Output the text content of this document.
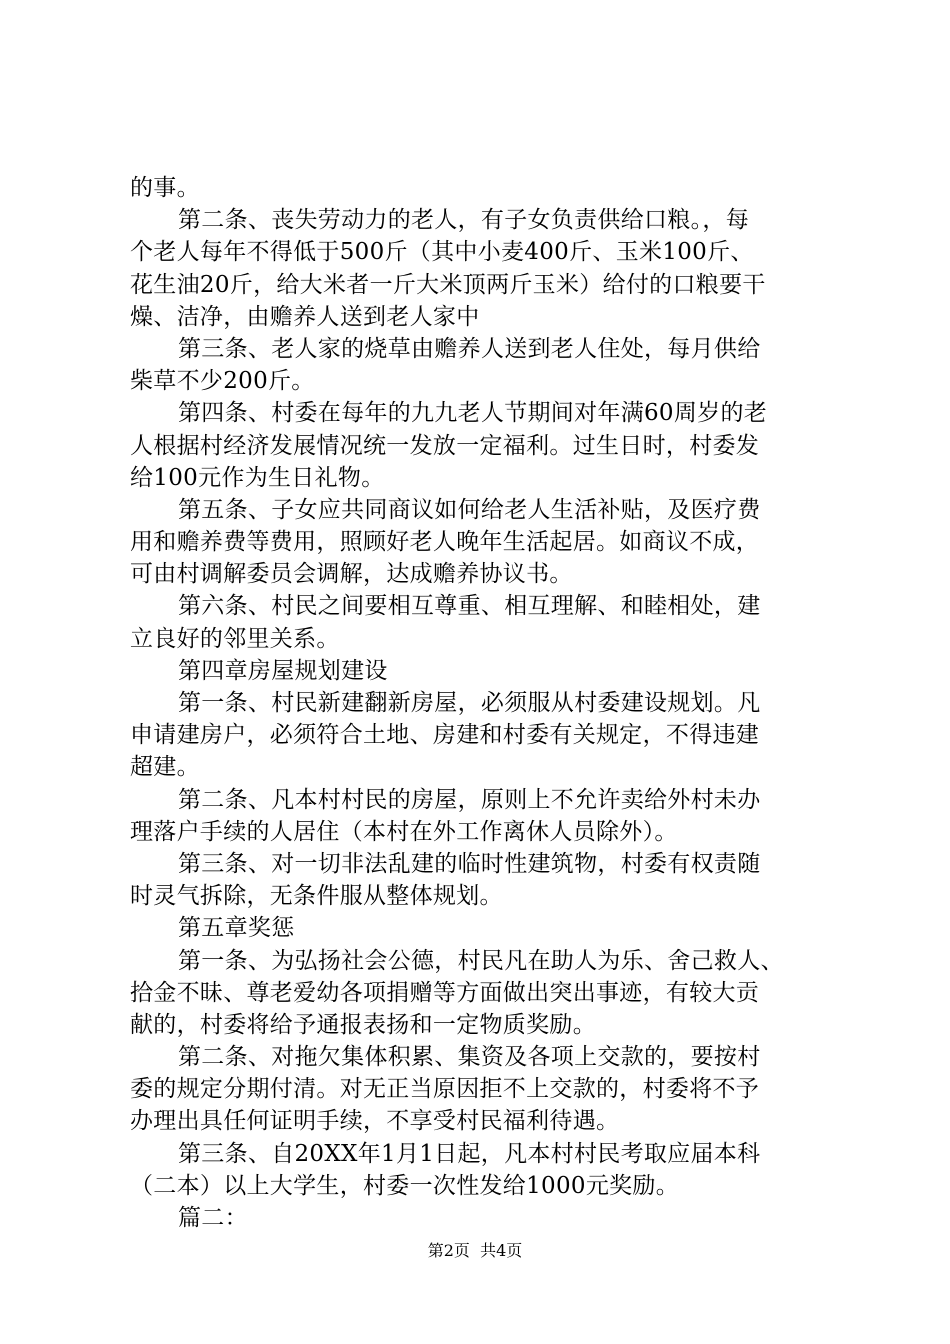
的事。
第二条、丧失劳动力的老人，有子女负责供给口粮。，每
个老人每年不得低于500斤（其中小麦400斤、玉米100斤、
花生油20斤，给大米者一斤大米顶两斤玉米）给付的口粮要干
燥、洁净，由赡养人送到老人家中
第三条、老人家的烧草由赡养人送到老人住处，每月供给
柴草不少200斤。
第四条、村委在每年的九九老人节期间对年满60周岁的老
人根据村经济发展情况统一发放一定福利。过生日时，村委发
给100元作为生日礼物。
第五条、子女应共同商议如何给老人生活补贴，及医疗费
用和赡养费等费用，照顾好老人晚年生活起居。如商议不成，
可由村调解委员会调解，达成赡养协议书。
第六条、村民之间要相互尊重、相互理解、和睦相处，建
立良好的邻里关系。
第四章房屋规划建设
第一条、村民新建翻新房屋，必须服从村委建设规划。凡
申请建房户，必须符合土地、房建和村委有关规定，不得违建
超建。
第二条、凡本村村民的房屋，原则上不允许卖给外村未办
理落户手续的人居住（本村在外工作离休人员除外）。
第三条、对一切非法乱建的临时性建筑物，村委有权责随
时灵气拆除，无条件服从整体规划。
第五章奖惩
第一条、为弘扬社会公德，村民凡在助人为乐、舍己救人、
拾金不昧、尊老爱幼各项捐赠等方面做出突出事迹，有较大贡
献的，村委将给予通报表扬和一定物质奖励。
第二条、对拖欠集体积累、集资及各项上交款的，要按村
委的规定分期付清。对无正当原因拒不上交款的，村委将不予
办理出具任何证明手续，不享受村民福利待遇。
第三条、自20XX年1月1日起，凡本村村民考取应届本科
（二本）以上大学生，村委一次性发给1000元奖励。
篇二：
第2页  共4页
